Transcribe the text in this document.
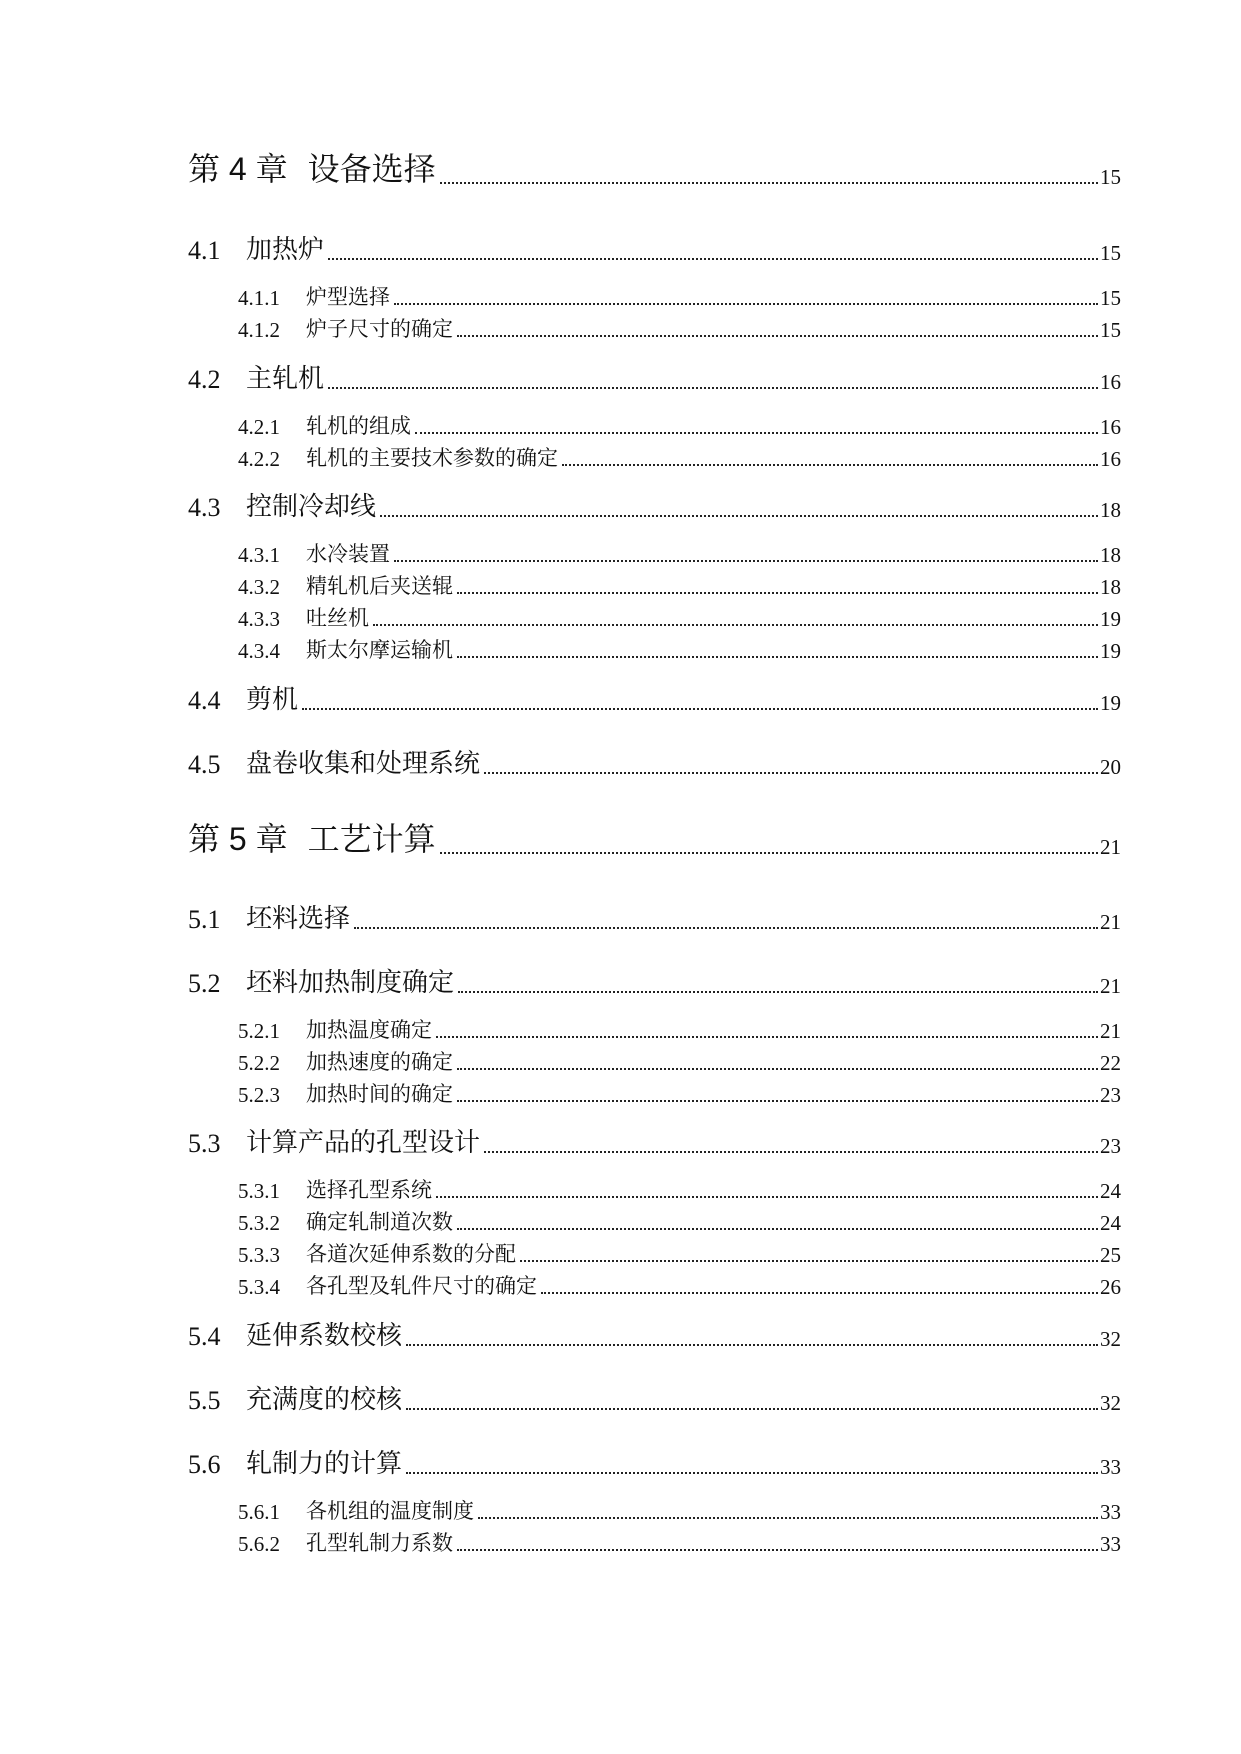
第 4 章 设备选择	15
4.1 加热炉	15
4.1.1	炉型选择	15
4.1.2	炉子尺寸的确定	15
4.2 主轧机	16
4.2.1	轧机的组成	16
4.2.2	轧机的主要技术参数的确定	16
4.3 控制冷却线	18
4.3.1	水冷装置	18
4.3.2	精轧机后夹送辊	18
4.3.3	吐丝机	19
4.3.4	斯太尔摩运输机	19
4.4 剪机	19
4.5 盘卷收集和处理系统	20
第 5 章 工艺计算	21
5.1 坯料选择	21
5.2 坯料加热制度确定	21
5.2.1	加热温度确定	21
5.2.2	加热速度的确定	22
5.2.3	加热时间的确定	23
5.3 计算产品的孔型设计	23
5.3.1	选择孔型系统	24
5.3.2	确定轧制道次数	24
5.3.3	各道次延伸系数的分配	25
5.3.4	各孔型及轧件尺寸的确定	26
5.4 延伸系数校核	32
5.5 充满度的校核	32
5.6 轧制力的计算	33
5.6.1	各机组的温度制度	33
5.6.2	孔型轧制力系数	33
